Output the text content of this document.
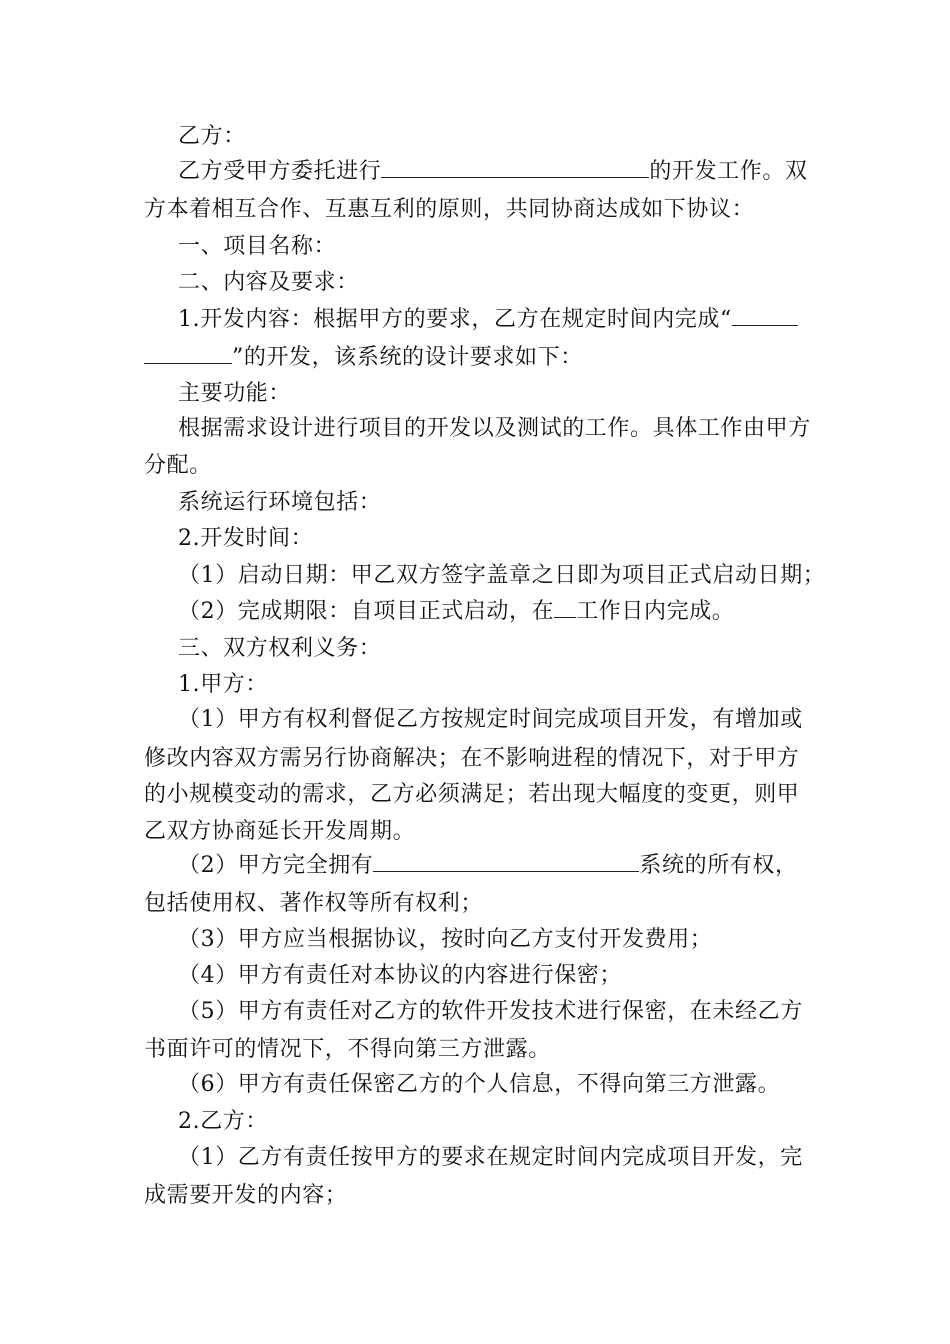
乙方：
乙方受甲方委托进行	的开发工作。双
方本着相互合作、互惠互利的原则，共同协商达成如下协议：
一、项目名称：
二、内容及要求：
1.开发内容：根据甲方的要求，乙方在规定时间内完成“
”的开发，该系统的设计要求如下：
主要功能：
根据需求设计进行项目的开发以及测试的工作。具体工作由甲方
分配。
系统运行环境包括：
2.开发时间：
（1）启动日期：甲乙双方签字盖章之日即为项目正式启动日期；
（2）完成期限：自项目正式启动，在 工作日内完成。
三、双方权利义务：
1.甲方：
（1）甲方有权利督促乙方按规定时间完成项目开发，有增加或
修改内容双方需另行协商解决；在不影响进程的情况下，对于甲方
的小规模变动的需求，乙方必须满足；若出现大幅度的变更，则甲
乙双方协商延长开发周期。
（2）甲方完全拥有	系统的所有权，
包括使用权、著作权等所有权利；
（3）甲方应当根据协议，按时向乙方支付开发费用；
（4）甲方有责任对本协议的内容进行保密；
（5）甲方有责任对乙方的软件开发技术进行保密，在未经乙方
书面许可的情况下，不得向第三方泄露。
（6）甲方有责任保密乙方的个人信息，不得向第三方泄露。
2.乙方：
（1）乙方有责任按甲方的要求在规定时间内完成项目开发，完
成需要开发的内容；
